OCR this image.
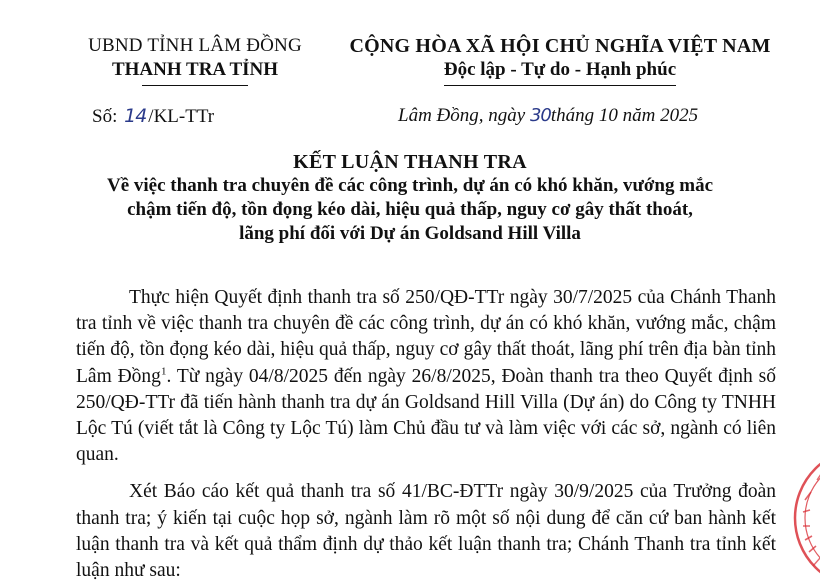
UBND TỈNH LÂM ĐỒNG
THANH TRA TỈNH
CỘNG HÒA XÃ HỘI CHỦ NGHĨA VIỆT NAM
Độc lập - Tự do - Hạnh phúc
Số: 14 /KL-TTr	Lâm Đồng, ngày 30tháng 10 năm 2025
KẾT LUẬN THANH TRA
Về việc thanh tra chuyên đề các công trình, dự án có khó khăn, vướng mắc
chậm tiến độ, tồn đọng kéo dài, hiệu quả thấp, nguy cơ gây thất thoát,
lãng phí đối với Dự án Goldsand Hill Villa

Thực hiện Quyết định thanh tra số 250/QĐ-TTr ngày 30/7/2025 của Chánh Thanh tra tỉnh về việc thanh tra chuyên đề các công trình, dự án có khó khăn, vướng mắc, chậm tiến độ, tồn đọng kéo dài, hiệu quả thấp, nguy cơ gây thất thoát, lãng phí trên địa bàn tỉnh Lâm Đồng$^1$. Từ ngày 04/8/2025 đến ngày 26/8/2025, Đoàn thanh tra theo Quyết định số 250/QĐ-TTr đã tiến hành thanh tra dự án Goldsand Hill Villa (Dự án) do Công ty TNHH Lộc Tú (viết tắt là Công ty Lộc Tú) làm Chủ đầu tư và làm việc với các sở, ngành có liên quan.

Xét Báo cáo kết quả thanh tra số 41/BC-ĐTTr ngày 30/9/2025 của Trưởng đoàn thanh tra; ý kiến tại cuộc họp sở, ngành làm rõ một số nội dung để căn cứ ban hành kết luận thanh tra và kết quả thẩm định dự thảo kết luận thanh tra; Chánh Thanh tra tỉnh kết luận như sau:
